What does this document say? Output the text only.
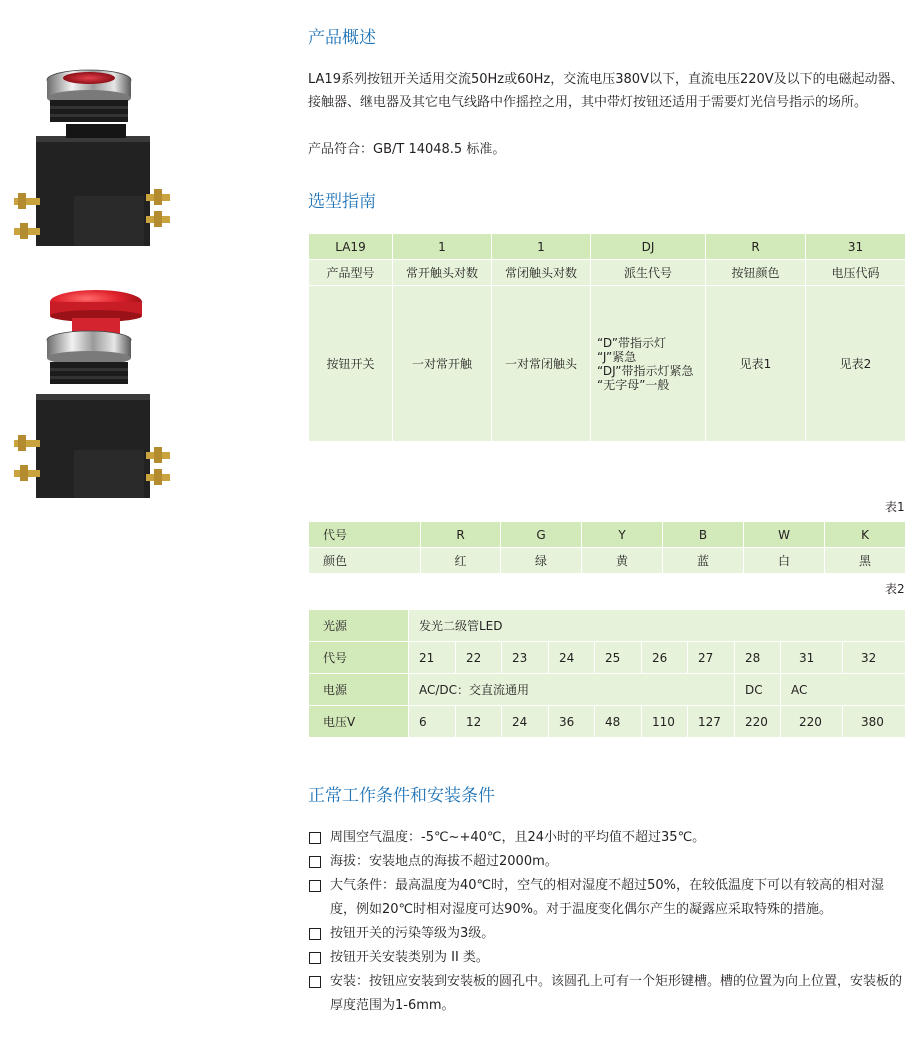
产品概述

LA19系列按钮开关适用交流50Hz或60Hz，交流电压380V以下，直流电压220V及以下的电磁起动器、接触器、继电器及其它电气线路中作摇控之用，其中带灯按钮还适用于需要灯光信号指示的场所。

产品符合：GB/T 14048.5 标准。

选型指南
LA19	1	1	DJ	R	31
产品型号	常开触头对数	常闭触头对数	派生代号	按钮颜色	电压代码
按钮开关	一对常开触	一对常闭触头	“D”带指示灯
“J”紧急
“DJ”带指示灯紧急
“无字母”一般	见表1	见表2
表1
代号	R	G	Y	B	W	K
颜色	红	绿	黄	蓝	白	黑
表2
光源	发光二级管LED									
代号	21	22	23	24	25	26	27	28	31	32
电源	AC/DC：交直流通用							DC	AC	
电压V	6	12	24	36	48	110	127	220	220	380
正常工作条件和安装条件
周围空气温度：-5℃~+40℃，且24小时的平均值不超过35℃。
海拔：安装地点的海拔不超过2000m。
大气条件：最高温度为40℃时，空气的相对湿度不超过50%，在较低温度下可以有较高的相对湿度，例如20℃时相对湿度可达90%。对于温度变化偶尔产生的凝露应采取特殊的措施。
按钮开关的污染等级为3级。
按钮开关安装类别为 II 类。
安装：按钮应安装到安装板的圆孔中。该圆孔上可有一个矩形键槽。槽的位置为向上位置，安装板的厚度范围为1-6mm。
